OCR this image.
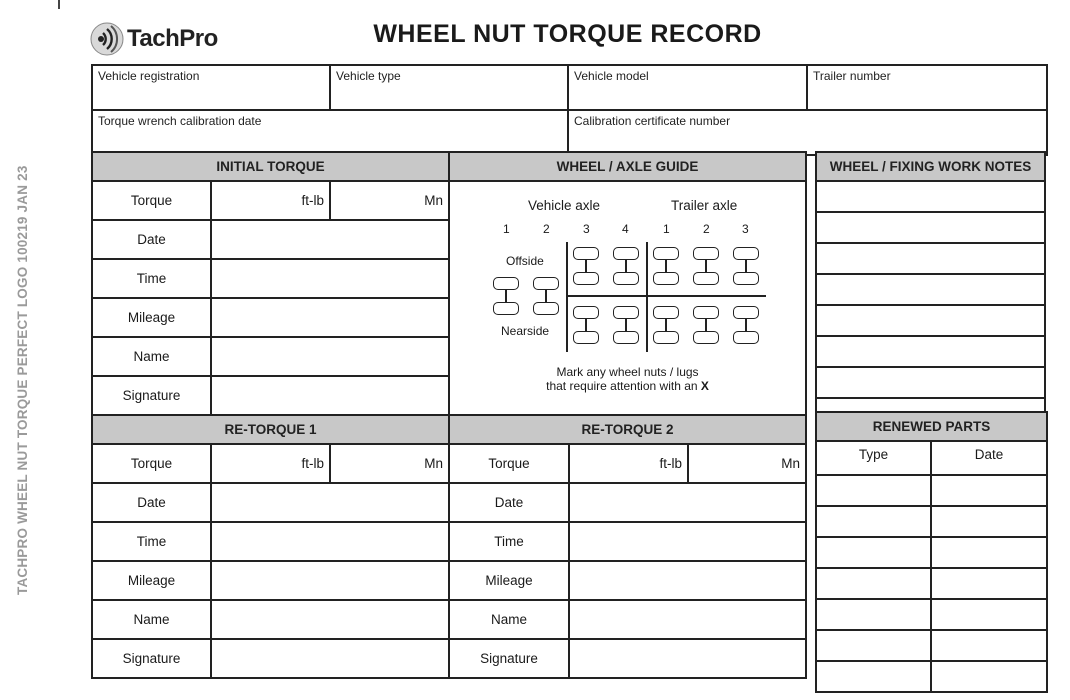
TACHPRO WHEEL NUT TORQUE PERFECT LOGO 100219 JAN 23
TachPro	WHEEL NUT TORQUE RECORD
Vehicle registration	Vehicle type	Vehicle model	Trailer number
Torque wrench calibration date		Calibration certificate number	
INITIAL TORQUE			WHEEL / AXLE GUIDE		
Torque	ft-lb	Mn	Vehicle axle	Trailer axle
1	2	3	4	1	2	3
Offside
Nearside
Mark any wheel nuts / lugs
that require attention with an X

Date					
Time					
Mileage					
Name					
Signature					
RE-TORQUE 1			RE-TORQUE 2		
Torque	ft-lb	Mn	Torque	ft-lb	Mn
Date			Date		
Time			Time		
Mileage			Mileage		
Name			Name		
Signature			Signature		
WHEEL / FIXING WORK NOTES

RENEWED PARTS	
Type	Date
